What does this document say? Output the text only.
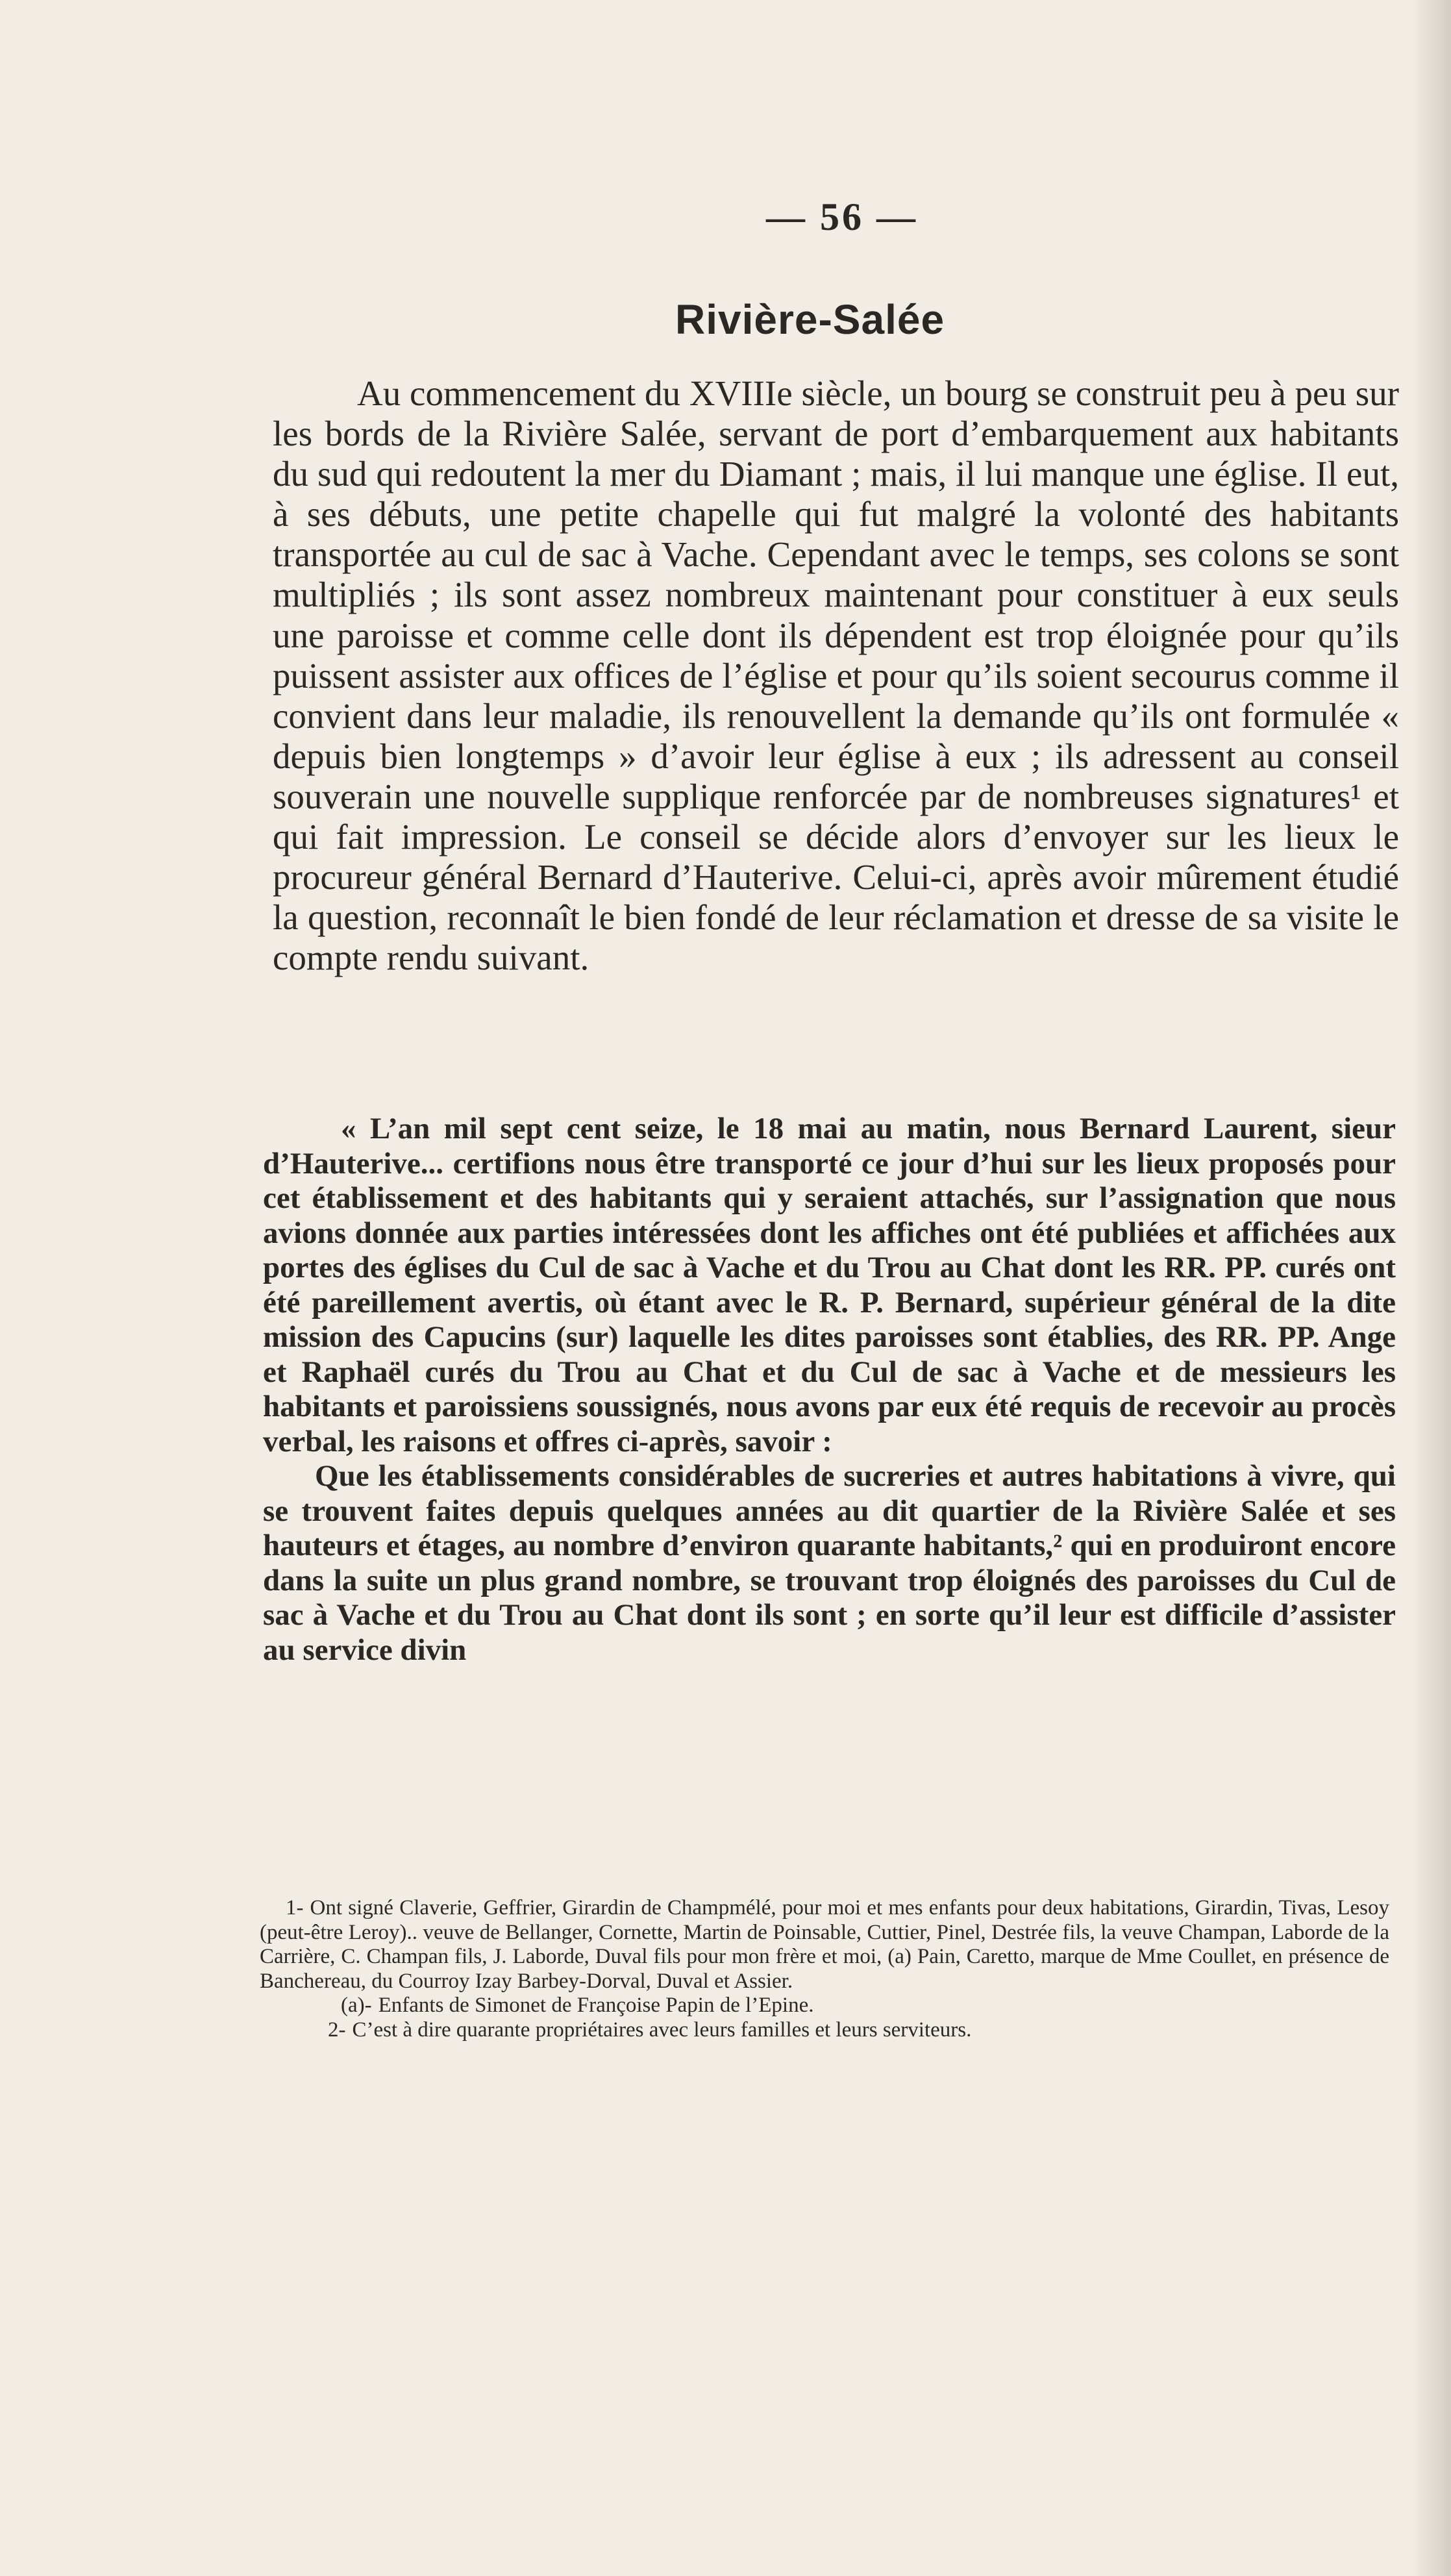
— 56 —
Rivière-Salée

Au commencement du XVIIIe siècle, un bourg se construit peu à peu sur les bords de la Rivière Salée, servant de port d’embarquement aux habitants du sud qui redoutent la mer du Diamant ; mais, il lui manque une église. Il eut, à ses débuts, une petite chapelle qui fut malgré la volonté des habitants transportée au cul de sac à Vache. Cependant avec le temps, ses colons se sont multipliés ; ils sont assez nombreux maintenant pour constituer à eux seuls une paroisse et comme celle dont ils dépendent est trop éloignée pour qu’ils puissent assister aux offices de l’église et pour qu’ils soient secourus comme il convient dans leur maladie, ils renouvellent la demande qu’ils ont formulée « depuis bien longtemps » d’avoir leur église à eux ; ils adressent au conseil souverain une nouvelle supplique renforcée par de nombreuses signatures¹ et qui fait impression. Le conseil se décide alors d’envoyer sur les lieux le procureur général Bernard d’Hauterive. Celui-ci, après avoir mûrement étudié la question, reconnaît le bien fondé de leur réclamation et dresse de sa visite le compte rendu suivant.

« L’an mil sept cent seize, le 18 mai au matin, nous Bernard Laurent, sieur d’Hauterive... certifions nous être transporté ce jour d’hui sur les lieux proposés pour cet établissement et des habitants qui y seraient attachés, sur l’assignation que nous avions donnée aux parties intéressées dont les affiches ont été publiées et affichées aux portes des églises du Cul de sac à Vache et du Trou au Chat dont les RR. PP. curés ont été pareillement avertis, où étant avec le R. P. Bernard, supérieur général de la dite mission des Capucins (sur) laquelle les dites paroisses sont établies, des RR. PP. Ange et Raphaël curés du Trou au Chat et du Cul de sac à Vache et de messieurs les habitants et paroissiens soussignés, nous avons par eux été requis de recevoir au procès verbal, les raisons et offres ci-après, savoir :

Que les établissements considérables de sucreries et autres habitations à vivre, qui se trouvent faites depuis quelques années au dit quartier de la Rivière Salée et ses hauteurs et étages, au nombre d’environ quarante habitants,² qui en produiront encore dans la suite un plus grand nombre, se trouvant trop éloignés des paroisses du Cul de sac à Vache et du Trou au Chat dont ils sont ; en sorte qu’il leur est difficile d’assister au service divin

1- Ont signé Claverie, Geffrier, Girardin de Champmélé, pour moi et mes enfants pour deux habitations, Girardin, Tivas, Lesoy (peut-être Leroy).. veuve de Bellanger, Cornette, Martin de Poinsable, Cuttier, Pinel, Destrée fils, la veuve Champan, Laborde de la Carrière, C. Champan fils, J. Laborde, Duval fils pour mon frère et moi, (a) Pain, Caretto, marque de Mme Coullet, en présence de Banchereau, du Courroy Izay Barbey-Dorval, Duval et Assier.

(a)- Enfants de Simonet de Françoise Papin de l’Epine.

2- C’est à dire quarante propriétaires avec leurs familles et leurs serviteurs.
